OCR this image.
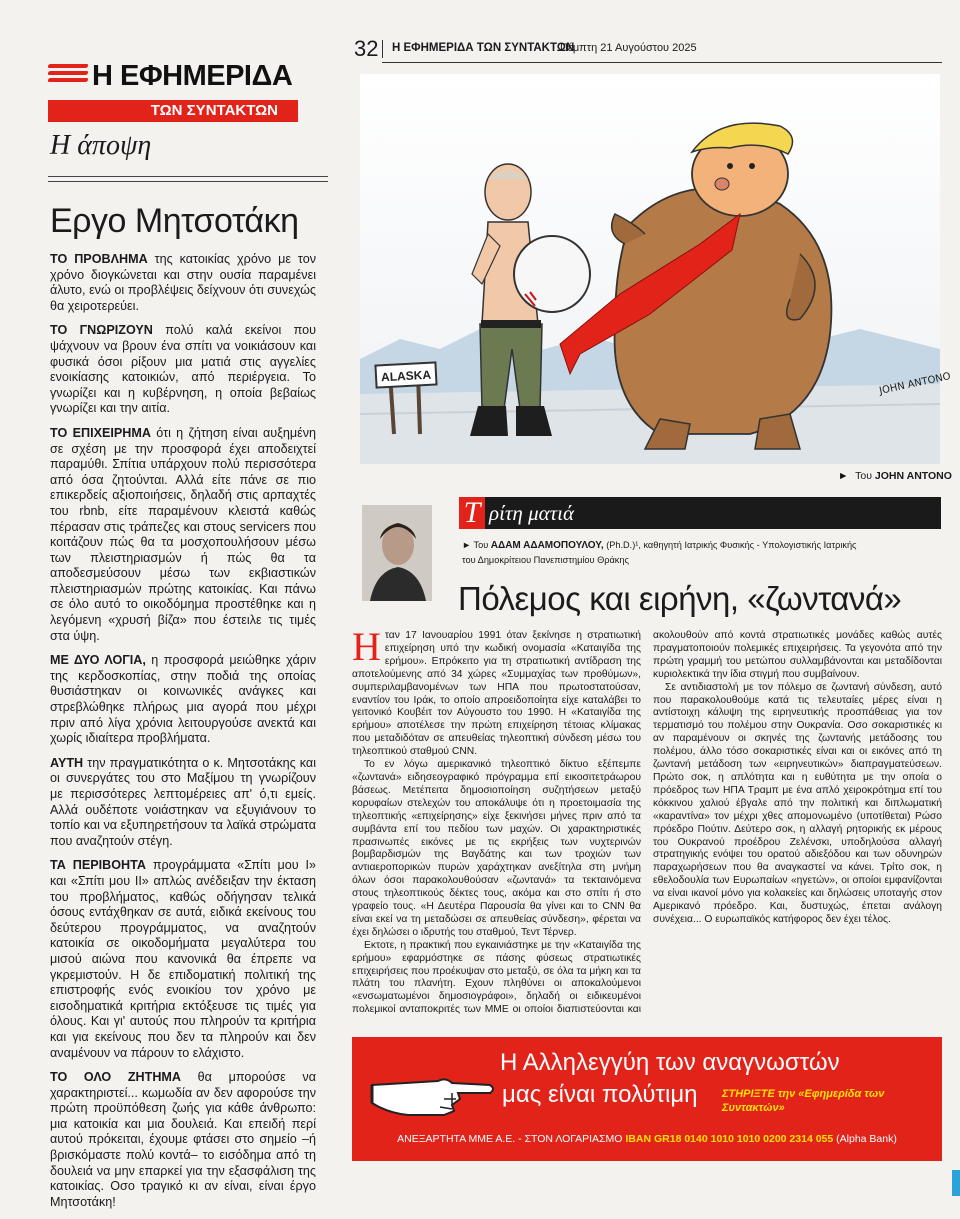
Η ΕΦΗΜΕΡΙΔΑ
ΤΩΝ ΣΥΝΤΑΚΤΩΝ
Η άποψη
Εργο Μητσοτάκη

ΤΟ ΠΡΟΒΛΗΜΑ της κατοικίας χρόνο με τον χρόνο διογκώνεται και στην ουσία παραμένει άλυτο, ενώ οι προβλέψεις δείχνουν ότι συνεχώς θα χειροτερεύει.

ΤΟ ΓΝΩΡΙΖΟΥΝ πολύ καλά εκείνοι που ψάχνουν να βρουν ένα σπίτι να νοικιάσουν και φυσικά όσοι ρίξουν μια ματιά στις αγγελίες ενοικίασης κατοικιών, από περιέργεια. Το γνωρίζει και η κυβέρνηση, η οποία βεβαίως γνωρίζει και την αιτία.

ΤΟ ΕΠΙΧΕΙΡΗΜΑ ότι η ζήτηση είναι αυξημένη σε σχέση με την προσφορά έχει αποδειχτεί παραμύθι. Σπίτια υπάρχουν πολύ περισσότερα από όσα ζητούνται. Αλλά είτε πάνε σε πιο επικερδείς αξιοποιήσεις, δηλαδή στις αρπαχτές του rbnb, είτε παραμένουν κλειστά καθώς πέρασαν στις τράπεζες και στους servicers που κοιτάζουν πώς θα τα μοσχοπουλήσουν μέσω των πλειστηριασμών ή πώς θα τα αποδεσμεύσουν μέσω των εκβιαστικών πλειστηριασμών πρώτης κατοικίας. Και πάνω σε όλο αυτό το οικοδόμημα προστέθηκε και η λεγόμενη «χρυσή βίζα» που έστειλε τις τιμές στα ύψη.

ΜΕ ΔΥΟ ΛΟΓΙΑ, η προσφορά μειώθηκε χάριν της κερδοσκοπίας, στην ποδιά της οποίας θυσιάστηκαν οι κοινωνικές ανάγκες και στρεβλώθηκε πλήρως μια αγορά που μέχρι πριν από λίγα χρόνια λειτουργούσε ανεκτά και χωρίς ιδιαίτερα προβλήματα.

ΑΥΤΗ την πραγματικότητα ο κ. Μητσοτάκης και οι συνεργάτες του στο Μαξίμου τη γνωρίζουν με περισσότερες λεπτομέρειες απ' ό,τι εμείς. Αλλά ουδέποτε νοιάστηκαν να εξυγιάνουν το τοπίο και να εξυπηρετήσουν τα λαϊκά στρώματα που αναζητούν στέγη.

ΤΑ ΠΕΡΙΒΟΗΤΑ προγράμματα «Σπίτι μου Ι» και «Σπίτι μου ΙΙ» απλώς ανέδειξαν την έκταση του προβλήματος, καθώς οδήγησαν τελικά όσους εντάχθηκαν σε αυτά, ειδικά εκείνους του δεύτερου προγράμματος, να αναζητούν κατοικία σε οικοδομήματα μεγαλύτερα του μισού αιώνα που κανονικά θα έπρεπε να γκρεμιστούν. Η δε επιδοματική πολιτική της επιστροφής ενός ενοικίου τον χρόνο με εισοδηματικά κριτήρια εκτόξευσε τις τιμές για όλους. Και γι' αυτούς που πληρούν τα κριτήρια και για εκείνους που δεν τα πληρούν και δεν αναμένουν να πάρουν το ελάχιστο.

ΤΟ ΟΛΟ ΖΗΤΗΜΑ θα μπορούσε να χαρακτηριστεί... κωμωδία αν δεν αφορούσε την πρώτη προϋπόθεση ζωής για κάθε άνθρωπο: μια κατοικία και μια δουλειά. Και επειδή περί αυτού πρόκειται, έχουμε φτάσει στο σημείο –ή βρισκόμαστε πολύ κοντά– το εισόδημα από τη δουλειά να μην επαρκεί για την εξασφάλιση της κατοικίας. Οσο τραγικό κι αν είναι, είναι έργο Μητσοτάκη!

32 Η ΕΦΗΜΕΡΙΔΑ ΤΩΝ ΣΥΝΤΑΚΤΩΝ
Πέμπτη 21 Αυγούστου 2025
ALASKA	JOHN ANTONO
► Του JOHN ANTONO
Τ ρίτη ματιά
► Του ΑΔΑΜ ΑΔΑΜΟΠΟΥΛΟΥ, (Ph.D.)¹, καθηγητή Ιατρικής Φυσικής - Υπολογιστικής Ιατρικής
του Δημοκρίτειου Πανεπιστημίου Θράκης
Πόλεμος και ειρήνη, «ζωντανά»

Ηταν 17 Ιανουαρίου 1991 όταν ξεκίνησε η στρατιωτική επιχείρηση υπό την κωδική ονομασία «Καταιγίδα της ερήμου». Επρόκειτο για τη στρατιωτική αντίδραση της αποτελούμενης από 34 χώρες «Συμμαχίας των προθύμων», συμπεριλαμβανομένων των ΗΠΑ που πρωτοστατούσαν, εναντίον του Ιράκ, το οποίο απροειδοποίητα είχε καταλάβει το γειτονικό Κουβέιτ τον Αύγουστο του 1990. Η «Καταιγίδα της ερήμου» αποτέλεσε την πρώτη επιχείρηση τέτοιας κλίμακας που μεταδιδόταν σε απευθείας τηλεοπτική σύνδεση μέσω του τηλεοπτικού σταθμού CNN.

Το εν λόγω αμερικανικό τηλεοπτικό δίκτυο εξέπεμπε «ζωντανά» ειδησεογραφικό πρόγραμμα επί εικοσιτετράωρου βάσεως. Μετέπειτα δημοσιοποίηση συζητήσεων μεταξύ κορυφαίων στελεχών του αποκάλυψε ότι η προετοιμασία της τηλεοπτικής «επιχείρησης» είχε ξεκινήσει μήνες πριν από τα συμβάντα επί του πεδίου των μαχών. Οι χαρακτηριστικές πρασινωπές εικόνες με τις εκρήξεις των νυχτερινών βομβαρδισμών της Βαγδάτης και των τροχιών των αντιαεροπορικών πυρών χαράχτηκαν ανεξίτηλα στη μνήμη όλων όσοι παρακολουθούσαν «ζωντανά» τα τεκταινόμενα στους τηλεοπτικούς δέκτες τους, ακόμα και στο σπίτι ή στο γραφείο τους. «Η Δευτέρα Παρουσία θα γίνει και το CNN θα είναι εκεί να τη μεταδώσει σε απευθείας σύνδεση», φέρεται να έχει δηλώσει ο ιδρυτής του σταθμού, Τεντ Τέρνερ.

Εκτοτε, η πρακτική που εγκαινιάστηκε με την «Καταιγίδα της ερήμου» εφαρμόστηκε σε πάσης φύσεως στρατιωτικές επιχειρήσεις που προέκυψαν στο μεταξύ, σε όλα τα μήκη και τα πλάτη του πλανήτη. Εχουν πληθύνει οι αποκαλούμενοι «ενσωματωμένοι δημοσιογράφοι», δηλαδή οι ειδικευμένοι πολεμικοί ανταποκριτές των ΜΜΕ οι οποίοι διαπιστεύονται και ακολουθούν από κοντά στρατιωτικές μονάδες καθώς αυτές πραγματοποιούν πολεμικές επιχειρήσεις. Τα γεγονότα από την πρώτη γραμμή του μετώπου συλλαμβάνονται και μεταδίδονται κυριολεκτικά την ίδια στιγμή που συμβαίνουν.

Σε αντιδιαστολή με τον πόλεμο σε ζωντανή σύνδεση, αυτό που παρακολουθούμε κατά τις τελευταίες μέρες είναι η αντίστοιχη κάλυψη της ειρηνευτικής προσπάθειας για τον τερματισμό του πολέμου στην Ουκρανία. Οσο σοκαριστικές κι αν παραμένουν οι σκηνές της ζωντανής μετάδοσης του πολέμου, άλλο τόσο σοκαριστικές είναι και οι εικόνες από τη ζωντανή μετάδοση των «ειρηνευτικών» διαπραγματεύσεων. Πρώτο σοκ, η απλότητα και η ευθύτητα με την οποία ο πρόεδρος των ΗΠΑ Τραμπ με ένα απλό χειροκρότημα επί του κόκκινου χαλιού έβγαλε από την πολιτική και διπλωματική «καραντίνα» τον μέχρι χθες απομονωμένο (υποτίθεται) Ρώσο πρόεδρο Πούτιν. Δεύτερο σοκ, η αλλαγή ρητορικής εκ μέρους του Ουκρανού προέδρου Ζελένσκι, υποδηλούσα αλλαγή στρατηγικής ενόψει του ορατού αδιεξόδου και των οδυνηρών παραχωρήσεων που θα αναγκαστεί να κάνει. Τρίτο σοκ, η εθελοδουλία των Ευρωπαίων «ηγετών», οι οποίοι εμφανίζονται να είναι ικανοί μόνο για κολακείες και δηλώσεις υποταγής στον Αμερικανό πρόεδρο. Και, δυστυχώς, έπεται ανάλογη συνέχεια... Ο ευρωπαϊκός κατήφορος δεν έχει τέλος.

Η Αλληλεγγύη των αναγνωστών
μας είναι πολύτιμη ΣΤΗΡΙΞΤΕ την «Εφημερίδα των Συντακτών»
ΑΝΕΞΑΡΤΗΤΑ ΜΜΕ Α.Ε. - ΣΤΟΝ ΛΟΓΑΡΙΑΣΜΟ IBAN GR18 0140 1010 1010 0200 2314 055 (Alpha Bank)
